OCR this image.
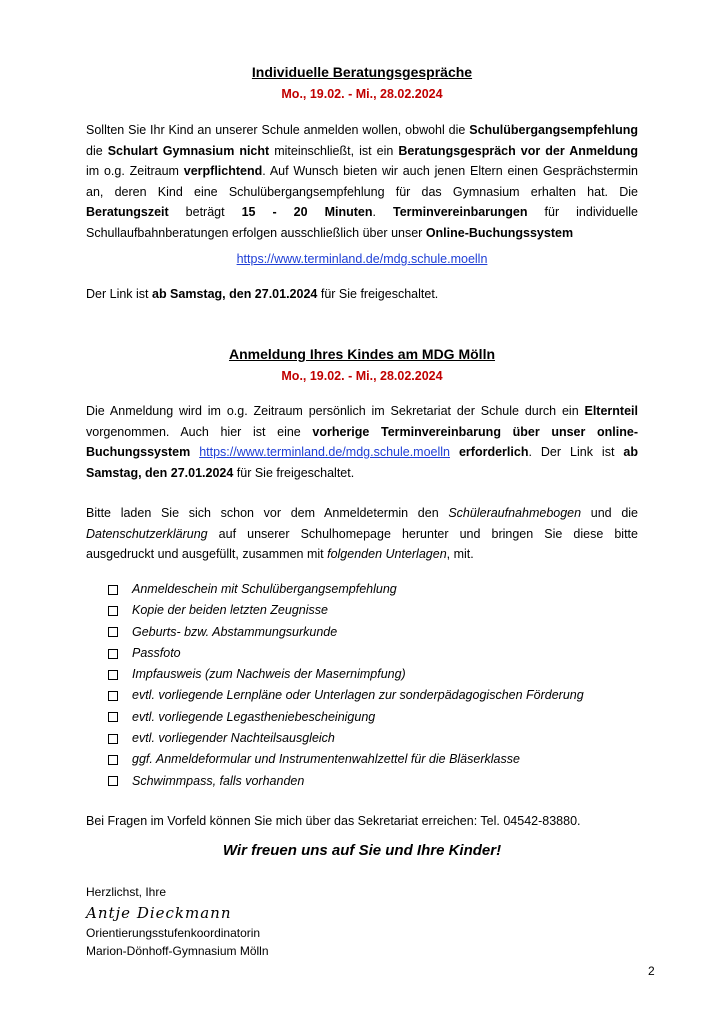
Individuelle Beratungsgespräche

Mo., 19.02. - Mi., 28.02.2024

Sollten Sie Ihr Kind an unserer Schule anmelden wollen, obwohl die Schulübergangsempfehlung die Schulart Gymnasium nicht miteinschließt, ist ein Beratungsgespräch vor der Anmeldung im o.g. Zeitraum verpflichtend. Auf Wunsch bieten wir auch jenen Eltern einen Gesprächstermin an, deren Kind eine Schulübergangsempfehlung für das Gymnasium erhalten hat. Die Beratungszeit beträgt 15 - 20 Minuten. Terminvereinbarungen für individuelle Schullaufbahnberatungen erfolgen ausschließlich über unser Online-Buchungssystem

https://www.terminland.de/mdg.schule.moelln

Der Link ist ab Samstag, den 27.01.2024 für Sie freigeschaltet.

Anmeldung Ihres Kindes am MDG Mölln

Mo., 19.02. - Mi., 28.02.2024

Die Anmeldung wird im o.g. Zeitraum persönlich im Sekretariat der Schule durch ein Elternteil vorgenommen. Auch hier ist eine vorherige Terminvereinbarung über unser online-Buchungssystem https://www.terminland.de/mdg.schule.moelln erforderlich. Der Link ist ab Samstag, den 27.01.2024 für Sie freigeschaltet.

Bitte laden Sie sich schon vor dem Anmeldetermin den Schüleraufnahmebogen und die Datenschutzerklärung auf unserer Schulhomepage herunter und bringen Sie diese bitte ausgedruckt und ausgefüllt, zusammen mit folgenden Unterlagen, mit.

Anmeldeschein mit Schulübergangsempfehlung
Kopie der beiden letzten Zeugnisse
Geburts- bzw. Abstammungsurkunde
Passfoto
Impfausweis (zum Nachweis der Masernimpfung)
evtl. vorliegende Lernpläne oder Unterlagen zur sonderpädagogischen Förderung
evtl. vorliegende Legastheniebescheinigung
evtl. vorliegender Nachteilsausgleich
ggf. Anmeldeformular und Instrumentenwahlzettel für die Bläserklasse
Schwimmpass, falls vorhanden

Bei Fragen im Vorfeld können Sie mich über das Sekretariat erreichen: Tel. 04542-83880.

Wir freuen uns auf Sie und Ihre Kinder!

Herzlichst, Ihre

Antje Dieckmann

Orientierungsstufenkoordinatorin

Marion-Dönhoff-Gymnasium Mölln

2
